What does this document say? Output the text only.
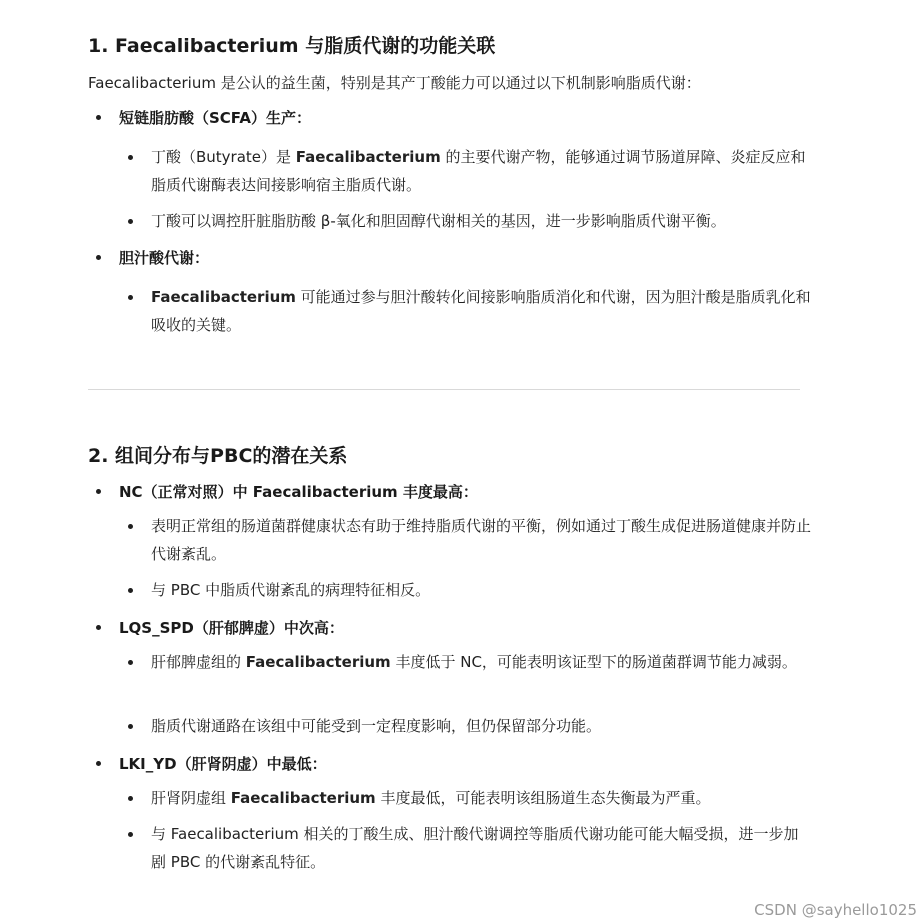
1. Faecalibacterium 与脂质代谢的功能关联

Faecalibacterium 是公认的益生菌，特别是其产丁酸能力可以通过以下机制影响脂质代谢：

短链脂肪酸（SCFA）生产：
丁酸（Butyrate）是 Faecalibacterium 的主要代谢产物，能够通过调节肠道屏障、炎症反应和脂质代谢酶表达间接影响宿主脂质代谢。
丁酸可以调控肝脏脂肪酸 β-氧化和胆固醇代谢相关的基因，进一步影响脂质代谢平衡。
胆汁酸代谢：
Faecalibacterium 可能通过参与胆汁酸转化间接影响脂质消化和代谢，因为胆汁酸是脂质乳化和吸收的关键。
2. 组间分布与PBC的潜在关系
NC（正常对照）中 Faecalibacterium 丰度最高：
表明正常组的肠道菌群健康状态有助于维持脂质代谢的平衡，例如通过丁酸生成促进肠道健康并防止代谢紊乱。
与 PBC 中脂质代谢紊乱的病理特征相反。
LQS_SPD（肝郁脾虚）中次高：
肝郁脾虚组的 Faecalibacterium 丰度低于 NC，可能表明该证型下的肠道菌群调节能力减弱。
脂质代谢通路在该组中可能受到一定程度影响，但仍保留部分功能。
LKI_YD（肝肾阴虚）中最低：
肝肾阴虚组 Faecalibacterium 丰度最低，可能表明该组肠道生态失衡最为严重。
与 Faecalibacterium 相关的丁酸生成、胆汁酸代谢调控等脂质代谢功能可能大幅受损，进一步加剧 PBC 的代谢紊乱特征。
CSDN @sayhello1025
